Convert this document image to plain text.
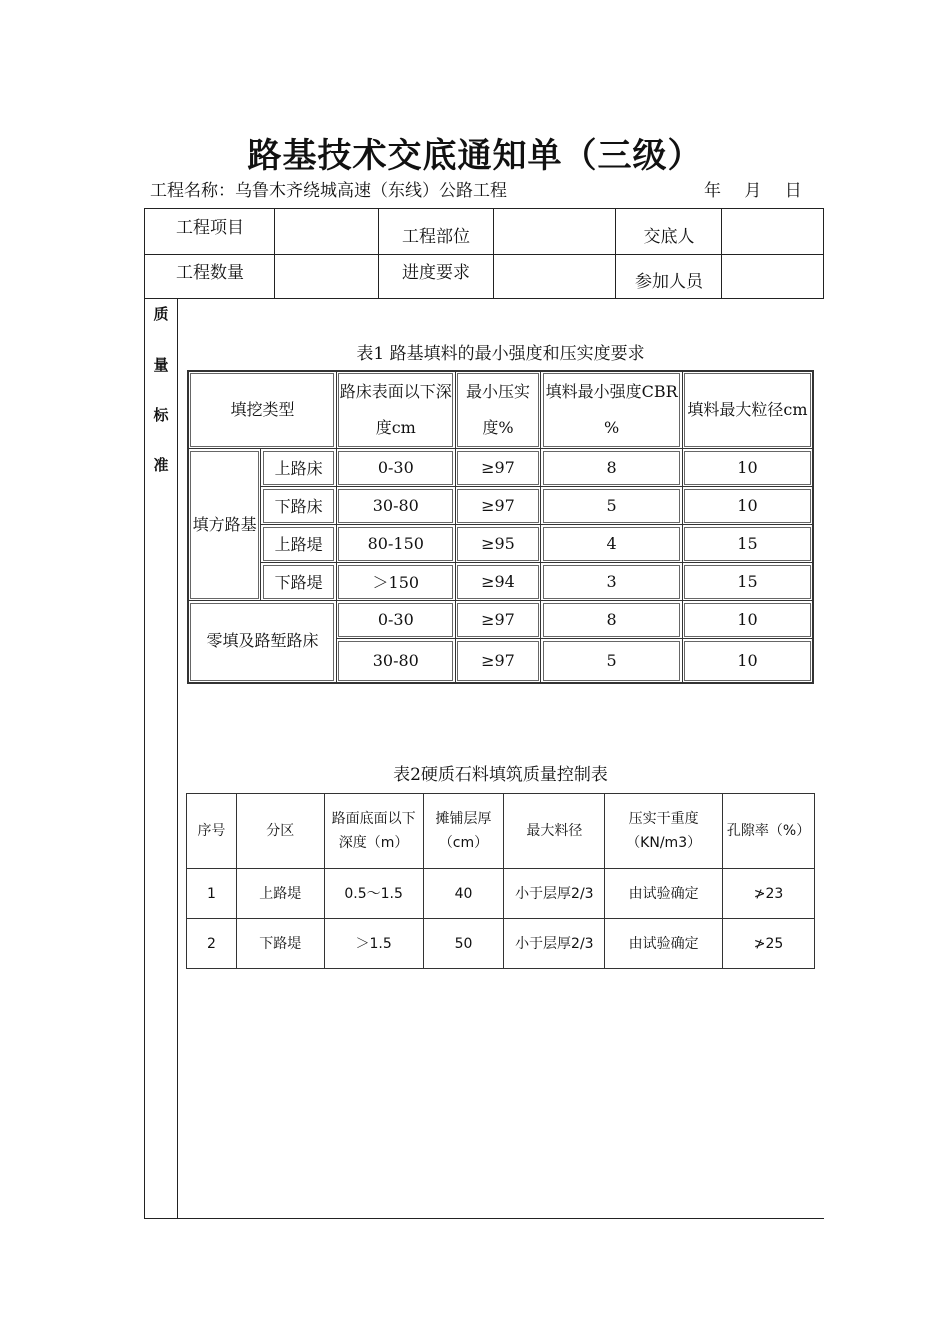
路基技术交底通知单（三级）
工程名称：乌鲁木齐绕城高速（东线）公路工程	年 月 日
工程项目	工程部位	交底人
工程数量	进度要求	参加人员
质
量
标
准
表1 路基填料的最小强度和压实度要求
填挖类型		路床表面以下深度cm	最小压实度%	填料最小强度CBR %	填料最大粒径cm
填方路基	上路床	0-30	≥97	8	10
	下路床	30-80	≥97	5	10
	上路堤	80-150	≥95	4	15
	下路堤	＞150	≥94	3	15
零填及路堑路床		0-30	≥97	8	10
		30-80	≥97	5	10
表2硬质石料填筑质量控制表
序号	分区	路面底面以下深度（m）	摊铺层厚（cm）	最大料径	压实干重度（KN/m3）	孔隙率（%）
1	上路堤	0.5～1.5	40	小于层厚2/3	由试验确定	≯23
2	下路堤	＞1.5	50	小于层厚2/3	由试验确定	≯25
